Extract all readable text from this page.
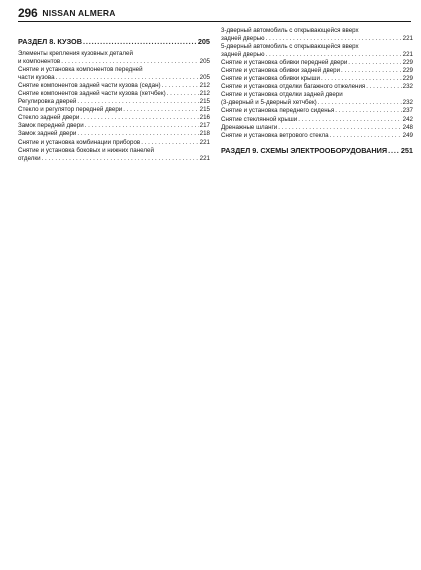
296 NISSAN ALMERA
РАЗДЕЛ 8. КУЗОВ . . .	205
Элементы крепления кузовных деталей
и компонентов . . .	205
Снятие и установка компонентов передней
части кузова . . .	205
Снятие компонентов задней части кузова (седан) . . .	212
Снятие компонентов задней части кузова (хетчбек) . . .	212
Регулировка дверей . . .	215
Стекло и регулятор передней двери . . .	215
Стекло задней двери . . .	216
Замок передней двери . . .	217
Замок задней двери . . .	218
Снятие и установка комбинации приборов . . .	221
Снятие и установка боковых и нижних панелей
отделки . . .	221
3-дверный автомобиль с открывающейся вверх
задней дверью . . .	221
5-дверный автомобиль с открывающейся вверх
задней дверью . . .	221
Снятие и установка обивки передней двери . . .	229
Снятие и установка обивки задней двери . . .	229
Снятие и установка обивки крыши . . .	229
Снятие и установка отделки багажного отжеления . . .	232
Снятие и установка отделки задней двери
(3-дверный и 5-дверный хетчбек) . . .	232
Снятие и установка переднего сиденья . . .	237
Снятие стеклянной крыши . . .	242
Дренажные шланги . . .	248
Снятие и установка ветрового стекла . . .	249
РАЗДЕЛ 9. СХЕМЫ ЭЛЕКТРООБОРУДОВАНИЯ . . . 251
